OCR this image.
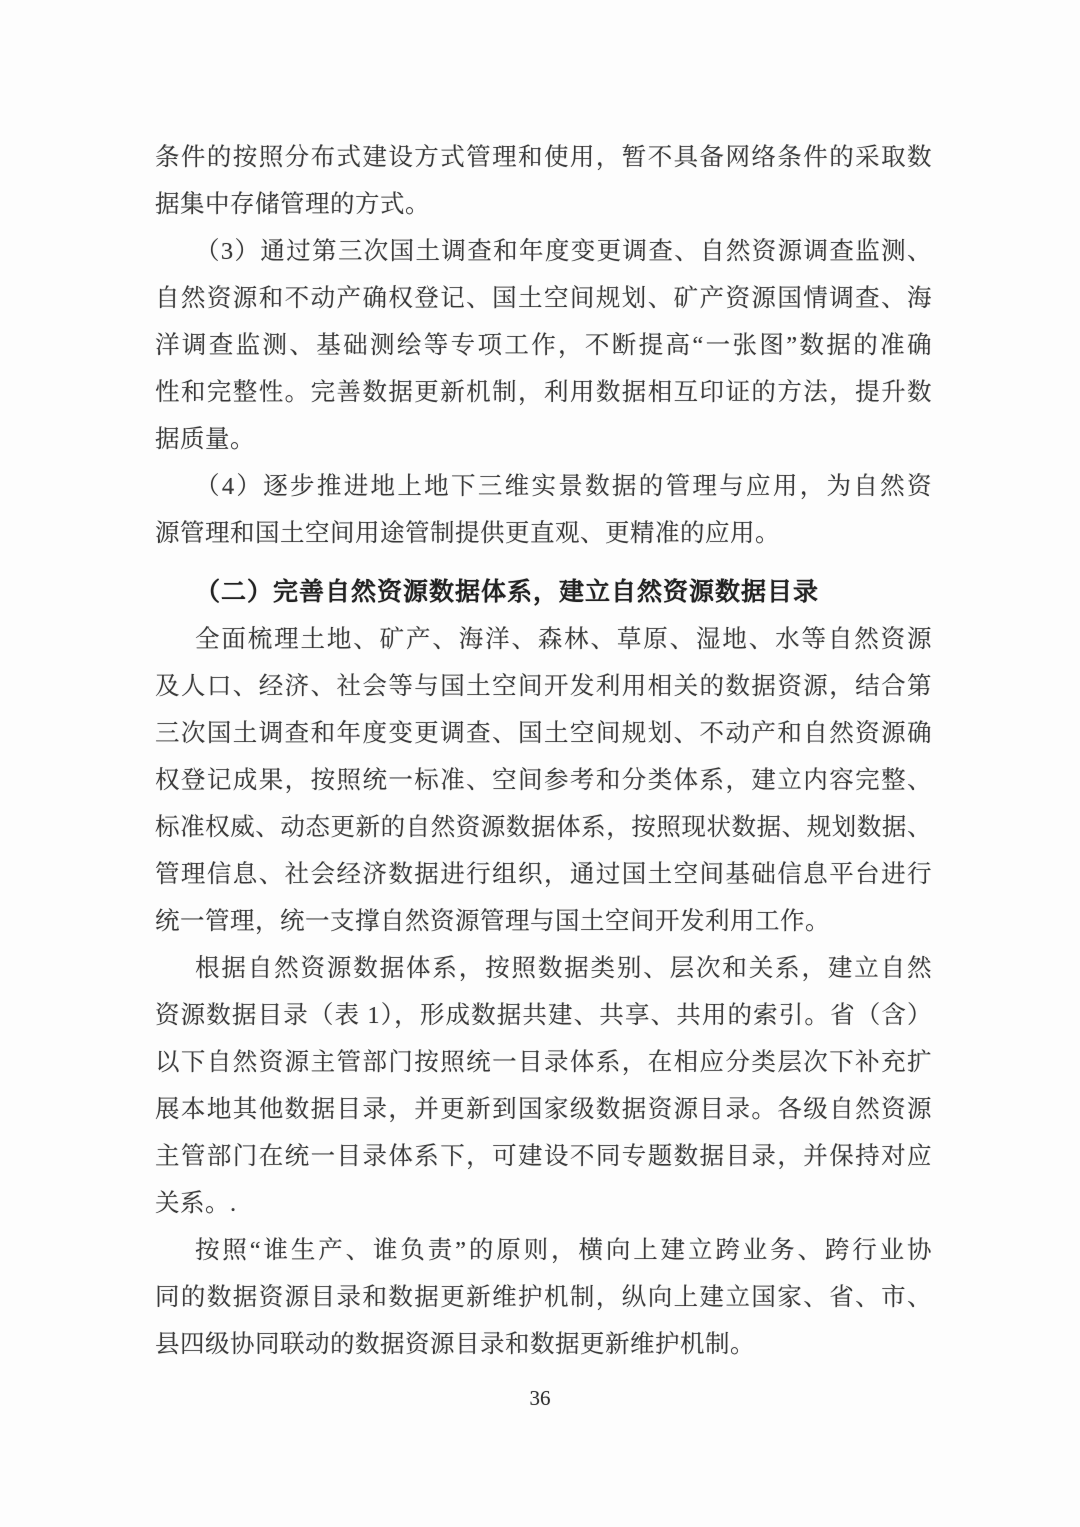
条件的按照分布式建设方式管理和使用，暂不具备网络条件的采取数
据集中存储管理的方式。
（3）通过第三次国土调查和年度变更调查、自然资源调查监测、
自然资源和不动产确权登记、国土空间规划、矿产资源国情调查、海
洋调查监测、基础测绘等专项工作，不断提高“一张图”数据的准确
性和完整性。完善数据更新机制，利用数据相互印证的方法，提升数
据质量。
（4）逐步推进地上地下三维实景数据的管理与应用，为自然资
源管理和国土空间用途管制提供更直观、更精准的应用。
（二）完善自然资源数据体系，建立自然资源数据目录
全面梳理土地、矿产、海洋、森林、草原、湿地、水等自然资源
及人口、经济、社会等与国土空间开发利用相关的数据资源，结合第
三次国土调查和年度变更调查、国土空间规划、不动产和自然资源确
权登记成果，按照统一标准、空间参考和分类体系，建立内容完整、
标准权威、动态更新的自然资源数据体系，按照现状数据、规划数据、
管理信息、社会经济数据进行组织，通过国土空间基础信息平台进行
统一管理，统一支撑自然资源管理与国土空间开发利用工作。
根据自然资源数据体系，按照数据类别、层次和关系，建立自然
资源数据目录（表 1），形成数据共建、共享、共用的索引。省（含）
以下自然资源主管部门按照统一目录体系，在相应分类层次下补充扩
展本地其他数据目录，并更新到国家级数据资源目录。各级自然资源
主管部门在统一目录体系下，可建设不同专题数据目录，并保持对应
关系。.
按照“谁生产、谁负责”的原则，横向上建立跨业务、跨行业协
同的数据资源目录和数据更新维护机制，纵向上建立国家、省、市、
县四级协同联动的数据资源目录和数据更新维护机制。
36
